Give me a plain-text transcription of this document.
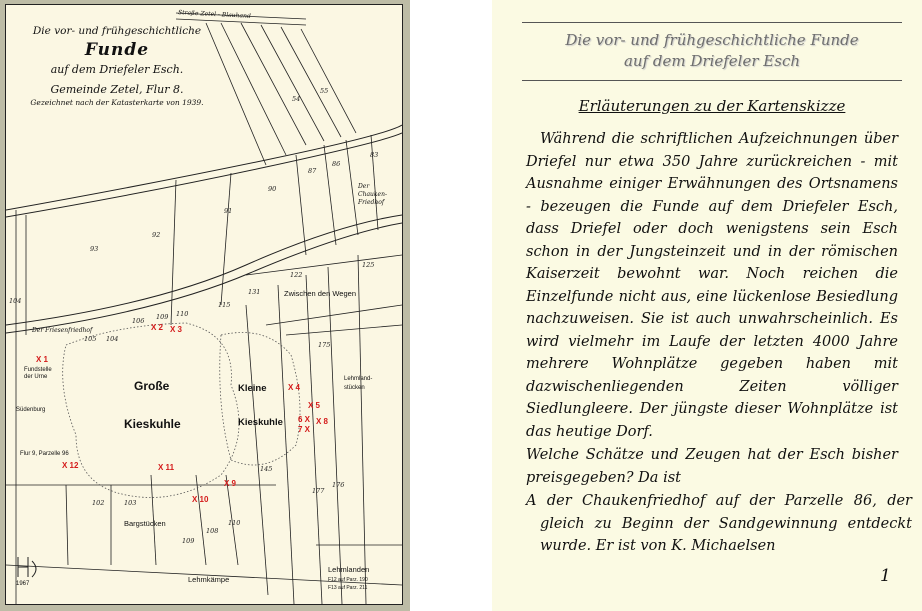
Die vor- und frühgeschichtliche
Funde
auf dem Driefeler Esch.
Gemeinde Zetel, Flur 8.
Gezeichnet nach der Katasterkarte von 1939.
Straße Zetel - Blauhand
Der Chauken-Friedhof
Zwischen den Wegen
Der Friesenfriedhof
Fundstelle der Urne
Südenburg
Flur 9, Parzelle 96
Große
Kieskuhle
Kleine
Kieskuhle
Lehmland-stücken
Bargstücken
Lehmkämpe
Lehmlanden
F12 auf Parz. 190
F13 auf Parz. 211
1967
54
55
83
86
87
90
91
92
93
104
122
125
131
175
176
177
115
110
109
106
105
103
102
104
109
108
110
145
X 1
X 2 X 3
X 4
X 5
6 X
7 X
X 8
X 9
X 10
X 11
X 12
Die vor- und frühgeschichtliche Funde
auf dem Driefeler Esch
Erläuterungen zu der Kartenskizze
Während die schriftlichen Aufzeichnungen über Driefel nur etwa 350 Jahre zurückreichen - mit Ausnahme einiger Erwähnungen des Ortsnamens - bezeugen die Funde auf dem Driefeler Esch, dass Driefel oder doch wenigstens sein Esch schon in der Jungsteinzeit und in der römischen Kaiserzeit bewohnt war. Noch reichen die Einzelfunde nicht aus, eine lückenlose Besiedlung nachzuweisen. Sie ist auch unwahrscheinlich. Es wird vielmehr im Laufe der letzten 4000 Jahre mehrere Wohnplätze gegeben haben mit dazwischenliegenden Zeiten völliger Siedlungleere. Der jüngste dieser Wohnplätze ist das heutige Dorf.
Welche Schätze und Zeugen hat der Esch bisher preisgegeben? Da ist
A der Chaukenfriedhof auf der Parzelle 86, der gleich zu Beginn der Sandgewinnung entdeckt wurde. Er ist von K. Michaelsen
1
